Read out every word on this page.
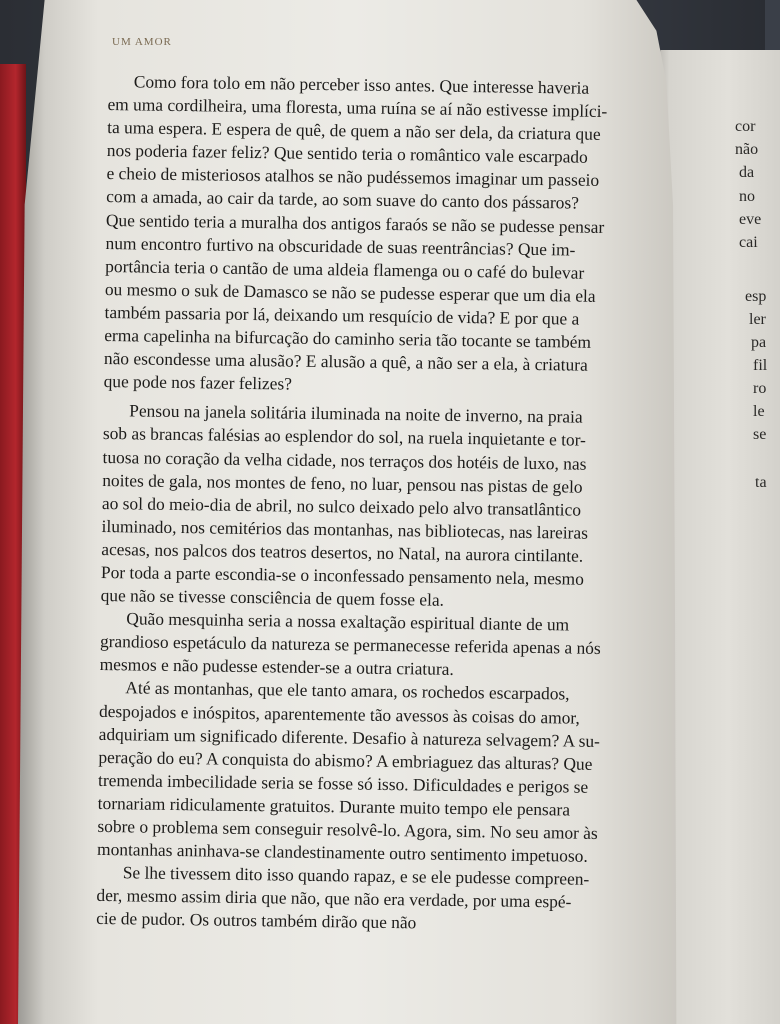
UM AMOR
Como fora tolo em não perceber isso antes. Que interesse haveria
em uma cordilheira, uma floresta, uma ruína se aí não estivesse implíci-
ta uma espera. E espera de quê, de quem a não ser dela, da criatura que
nos poderia fazer feliz? Que sentido teria o romântico vale escarpado
e cheio de misteriosos atalhos se não pudéssemos imaginar um passeio
com a amada, ao cair da tarde, ao som suave do canto dos pássaros?
Que sentido teria a muralha dos antigos faraós se não se pudesse pensar
num encontro furtivo na obscuridade de suas reentrâncias? Que im-
portância teria o cantão de uma aldeia flamenga ou o café do bulevar
ou mesmo o suk de Damasco se não se pudesse esperar que um dia ela
também passaria por lá, deixando um resquício de vida? E por que a
erma capelinha na bifurcação do caminho seria tão tocante se também
não escondesse uma alusão? E alusão a quê, a não ser a ela, à criatura
que pode nos fazer felizes?
Pensou na janela solitária iluminada na noite de inverno, na praia
sob as brancas falésias ao esplendor do sol, na ruela inquietante e tor-
tuosa no coração da velha cidade, nos terraços dos hotéis de luxo, nas
noites de gala, nos montes de feno, no luar, pensou nas pistas de gelo
ao sol do meio-dia de abril, no sulco deixado pelo alvo transatlântico
iluminado, nos cemitérios das montanhas, nas bibliotecas, nas lareiras
acesas, nos palcos dos teatros desertos, no Natal, na aurora cintilante.
Por toda a parte escondia-se o inconfessado pensamento nela, mesmo
que não se tivesse consciência de quem fosse ela.
Quão mesquinha seria a nossa exaltação espiritual diante de um
grandioso espetáculo da natureza se permanecesse referida apenas a nós
mesmos e não pudesse estender-se a outra criatura.
Até as montanhas, que ele tanto amara, os rochedos escarpados,
despojados e inóspitos, aparentemente tão avessos às coisas do amor,
adquiriam um significado diferente. Desafio à natureza selvagem? A su-
peração do eu? A conquista do abismo? A embriaguez das alturas? Que
tremenda imbecilidade seria se fosse só isso. Dificuldades e perigos se
tornariam ridiculamente gratuitos. Durante muito tempo ele pensara
sobre o problema sem conseguir resolvê-lo. Agora, sim. No seu amor às
montanhas aninhava-se clandestinamente outro sentimento impetuoso.
Se lhe tivessem dito isso quando rapaz, e se ele pudesse compreen-
der, mesmo assim diria que não, que não era verdade, por uma espé-
cie de pudor. Os outros também dirão que não
cor
não
da
no
eve
cai
esp
ler
pa
fil
ro
le
se
ta
